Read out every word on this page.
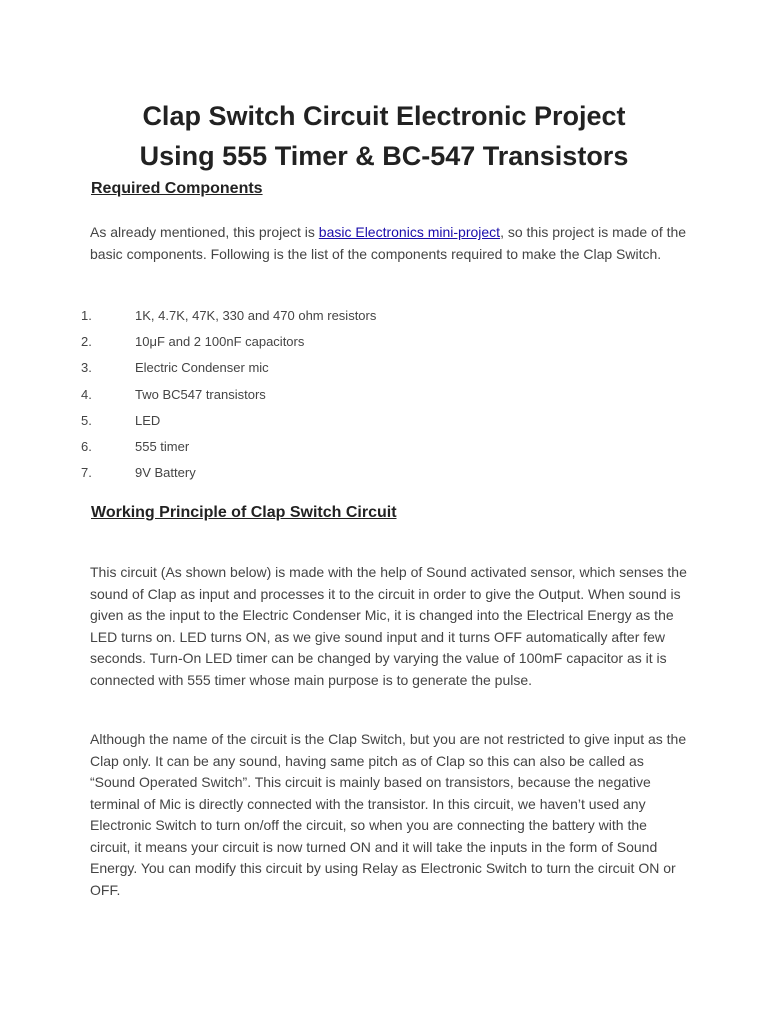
Clap Switch Circuit Electronic Project
Using 555 Timer & BC-547 Transistors
Required Components

As already mentioned, this project is basic Electronics mini-project, so this project is made of the basic components. Following is the list of the components required to make the Clap Switch.

1.	1K, 4.7K, 47K, 330 and 470 ohm resistors
2.	10μF and 2 100nF capacitors
3.	Electric Condenser mic
4.	Two BC547 transistors
5.	LED
6.	555 timer
7.	9V Battery
Working Principle of Clap Switch Circuit

This circuit (As shown below) is made with the help of Sound activated sensor, which senses the sound of Clap as input and processes it to the circuit in order to give the Output. When sound is given as the input to the Electric Condenser Mic, it is changed into the Electrical Energy as the LED turns on. LED turns ON, as we give sound input and it turns OFF automatically after few seconds. Turn-On LED timer can be changed by varying the value of 100mF capacitor as it is connected with 555 timer whose main purpose is to generate the pulse.

Although the name of the circuit is the Clap Switch, but you are not restricted to give input as the Clap only. It can be any sound, having same pitch as of Clap so this can also be called as “Sound Operated Switch”. This circuit is mainly based on transistors, because the negative terminal of Mic is directly connected with the transistor. In this circuit, we haven’t used any Electronic Switch to turn on/off the circuit, so when you are connecting the battery with the circuit, it means your circuit is now turned ON and it will take the inputs in the form of Sound Energy. You can modify this circuit by using Relay as Electronic Switch to turn the circuit ON or OFF.
